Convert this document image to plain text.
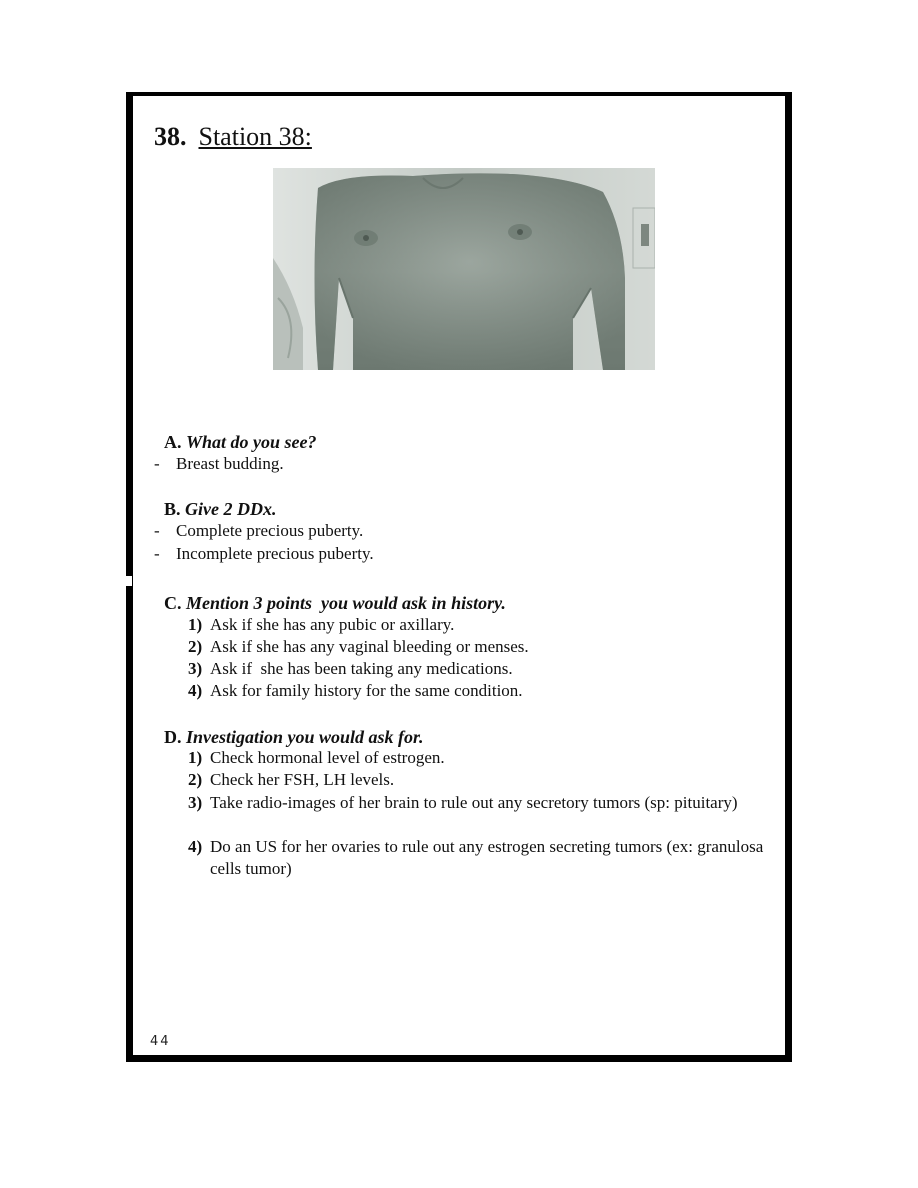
38. Station 38:
A. What do you see?
- Breast budding.
B. Give 2 DDx.
- Complete precious puberty.
- Incomplete precious puberty.
C. Mention 3 points  you would ask in history.
1) Ask if she has any pubic or axillary.
2) Ask if she has any vaginal bleeding or menses.
3) Ask if  she has been taking any medications.
4) Ask for family history for the same condition.
D. Investigation you would ask for.
1) Check hormonal level of estrogen.
2) Check her FSH, LH levels.
3) Take radio-images of her brain to rule out any secretory tumors (sp: pituitary)
4) Do an US for her ovaries to rule out any estrogen secreting tumors (ex: granulosa cells tumor)
44
